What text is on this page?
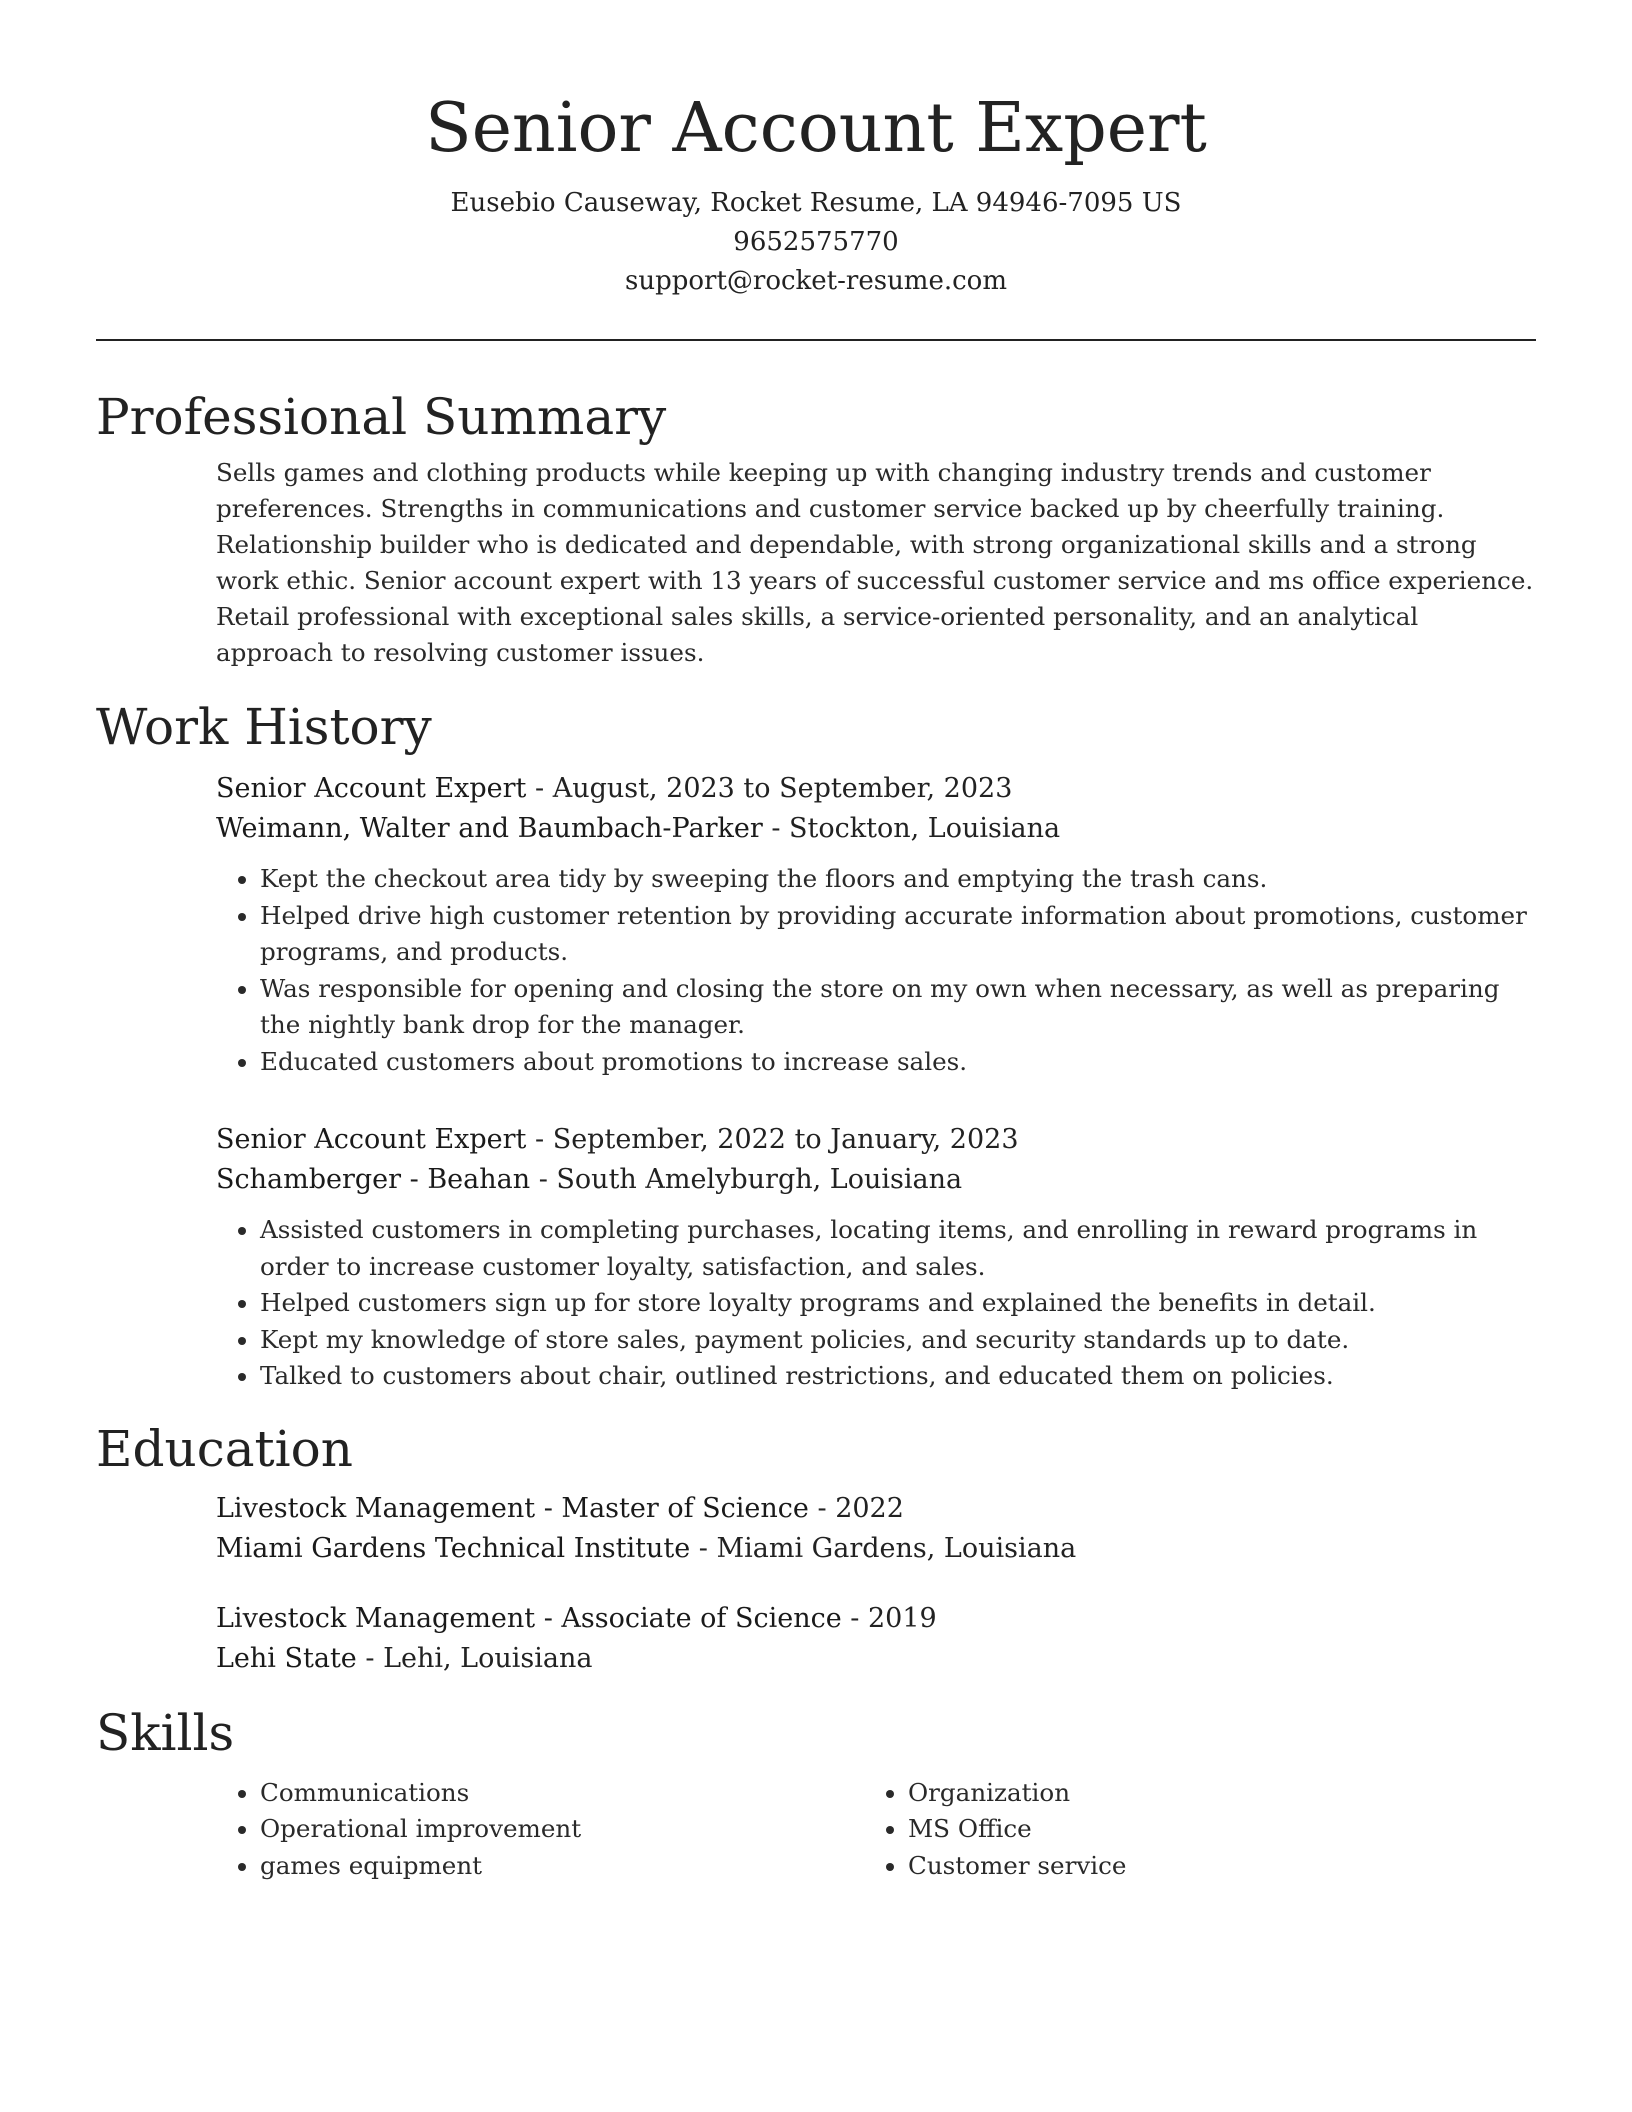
Senior Account Expert

Eusebio Causeway, Rocket Resume, LA 94946-7095 US

9652575770

support@rocket-resume.com

Professional Summary

Sells games and clothing products while keeping up with changing industry trends and customer preferences. Strengths in communications and customer service backed up by cheerfully training. Relationship builder who is dedicated and dependable, with strong organizational skills and a strong work ethic. Senior account expert with 13 years of successful customer service and ms office experience. Retail professional with exceptional sales skills, a service-oriented personality, and an analytical approach to resolving customer issues.

Work History

Senior Account Expert - August, 2023 to September, 2023

Weimann, Walter and Baumbach-Parker - Stockton, Louisiana

• Kept the checkout area tidy by sweeping the floors and emptying the trash cans.
• Helped drive high customer retention by providing accurate information about promotions, customer programs, and products.
• Was responsible for opening and closing the store on my own when necessary, as well as preparing the nightly bank drop for the manager.
• Educated customers about promotions to increase sales.

Senior Account Expert - September, 2022 to January, 2023

Schamberger - Beahan - South Amelyburgh, Louisiana

• Assisted customers in completing purchases, locating items, and enrolling in reward programs in order to increase customer loyalty, satisfaction, and sales.
• Helped customers sign up for store loyalty programs and explained the benefits in detail.
• Kept my knowledge of store sales, payment policies, and security standards up to date.
• Talked to customers about chair, outlined restrictions, and educated them on policies.
Education

Livestock Management - Master of Science - 2022

Miami Gardens Technical Institute - Miami Gardens, Louisiana

Livestock Management - Associate of Science - 2019

Lehi State - Lehi, Louisiana

Skills
• Communications
• Operational improvement
• games equipment
• Organization
• MS Office
• Customer service
